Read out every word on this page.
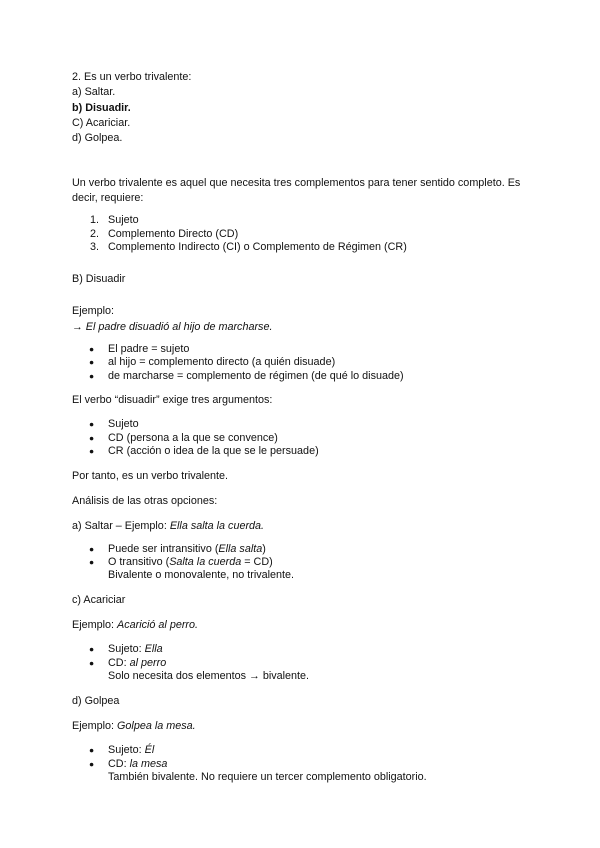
2. Es un verbo trivalente:
a) Saltar.
b) Disuadir.
C) Acariciar.
d) Golpea.
Un verbo trivalente es aquel que necesita tres complementos para tener sentido completo. Es decir, requiere:
1. Sujeto
2. Complemento Directo (CD)
3. Complemento Indirecto (CI) o Complemento de Régimen (CR)
B) Disuadir
Ejemplo:
→ El padre disuadió al hijo de marcharse.
● El padre = sujeto
● al hijo = complemento directo (a quién disuade)
● de marcharse = complemento de régimen (de qué lo disuade)
El verbo “disuadir” exige tres argumentos:
● Sujeto
● CD (persona a la que se convence)
● CR (acción o idea de la que se le persuade)
Por tanto, es un verbo trivalente.
Análisis de las otras opciones:
a) Saltar – Ejemplo: Ella salta la cuerda.
● Puede ser intransitivo (Ella salta)
● O transitivo (Salta la cuerda = CD)
Bivalente o monovalente, no trivalente.
c) Acariciar
Ejemplo: Acarició al perro.
● Sujeto: Ella
● CD: al perro
Solo necesita dos elementos → bivalente.
d) Golpea
Ejemplo: Golpea la mesa.
● Sujeto: Él
● CD: la mesa
También bivalente. No requiere un tercer complemento obligatorio.
